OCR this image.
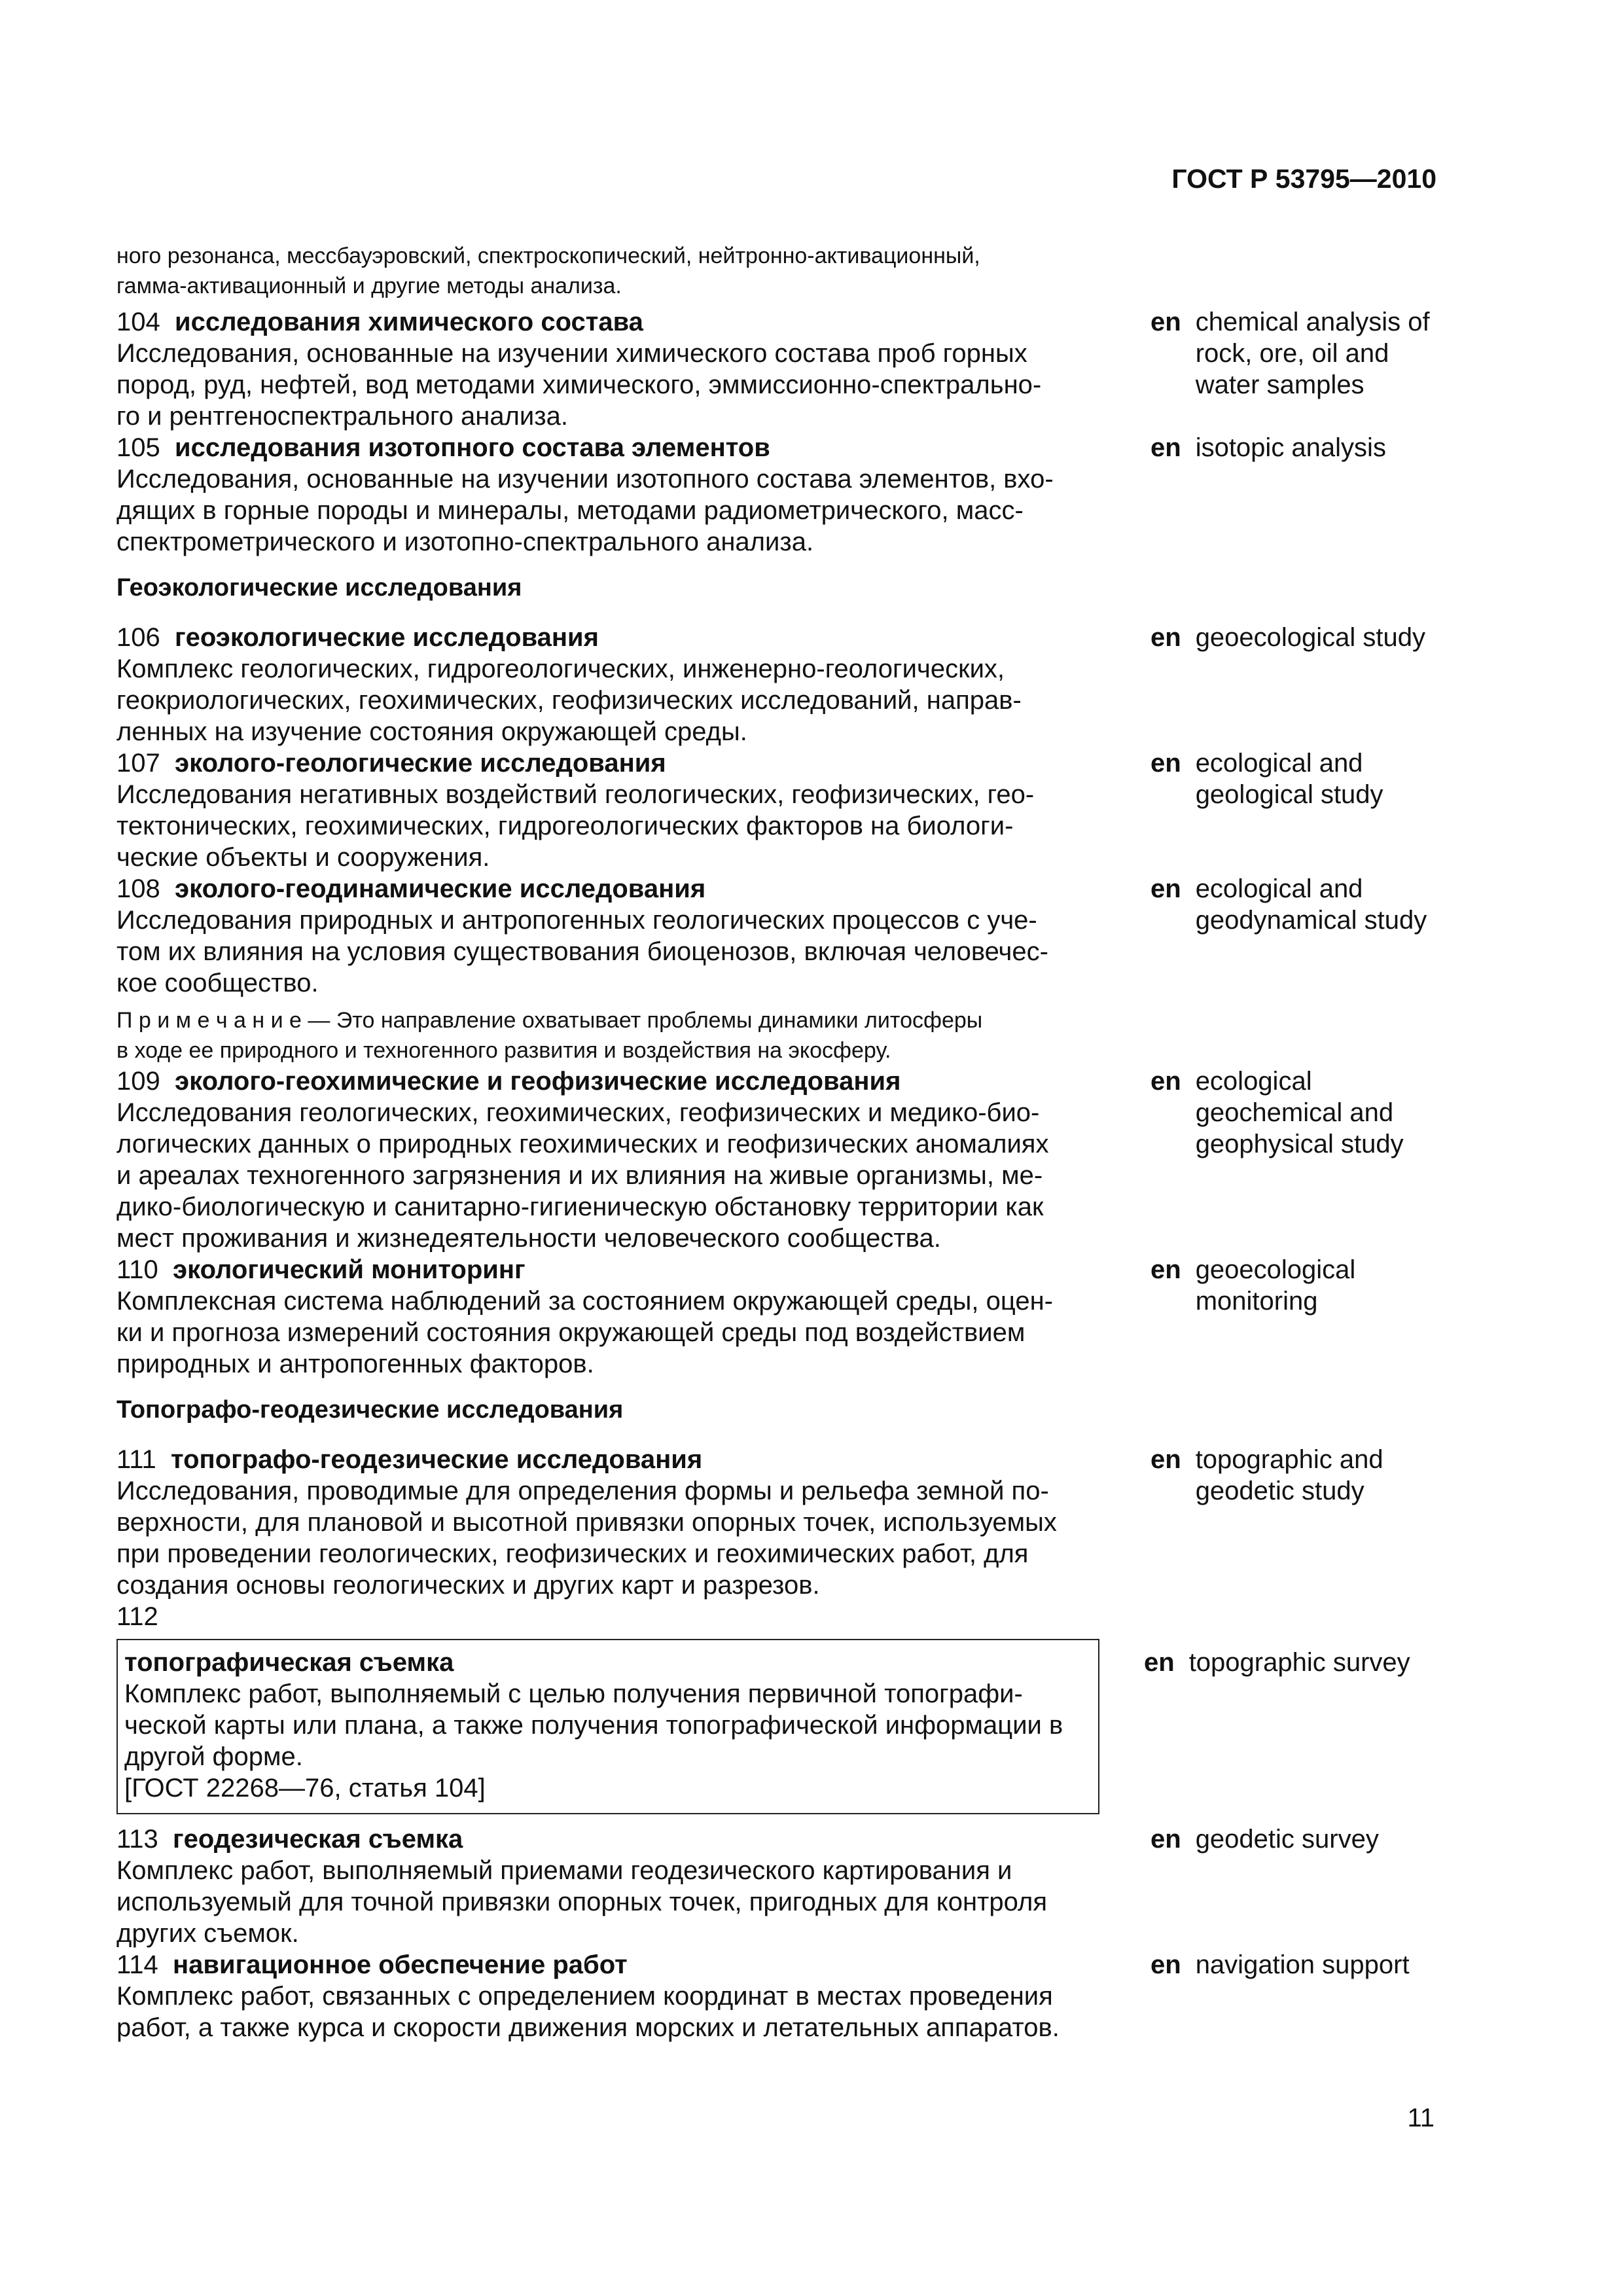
ГОСТ Р 53795—2010
ного резонанса, мессбауэровский, спектроскопический, нейтронно-активационный,
гамма-активационный и другие методы анализа.
104 исследования химического состава
Исследования, основанные на изучении химического состава проб горных
пород, руд, нефтей, вод методами химического, эммиссионно-спектрально-
го и рентгеноспектрального анализа.
en chemical analysis of
rock, ore, oil and
water samples
105 исследования изотопного состава элементов
Исследования, основанные на изучении изотопного состава элементов, вхо-
дящих в горные породы и минералы, методами радиометрического, масс-
спектрометрического и изотопно-спектрального анализа.
en isotopic analysis
Геоэкологические исследования
106 геоэкологические исследования
Комплекс геологических, гидрогеологических, инженерно-геологических,
геокриологических, геохимических, геофизических исследований, направ-
ленных на изучение состояния окружающей среды.
en geoecological study
107 эколого-геологические исследования
Исследования негативных воздействий геологических, геофизических, гео-
тектонических, геохимических, гидрогеологических факторов на биологи-
ческие объекты и сооружения.
en ecological and
geological study
108 эколого-геодинамические исследования
Исследования природных и антропогенных геологических процессов с уче-
том их влияния на условия существования биоценозов, включая человечес-
кое сообщество.
П р и м е ч а н и е — Это направление охватывает проблемы динамики литосферы
в ходе ее природного и техногенного развития и воздействия на экосферу.
en ecological and
geodynamical study
109 эколого-геохимические и геофизические исследования
Исследования геологических, геохимических, геофизических и медико-био-
логических данных о природных геохимических и геофизических аномалиях
и ареалах техногенного загрязнения и их влияния на живые организмы, ме-
дико-биологическую и санитарно-гигиеническую обстановку территории как
мест проживания и жизнедеятельности человеческого сообщества.
en ecological
geochemical and
geophysical study
110 экологический мониторинг
Комплексная система наблюдений за состоянием окружающей среды, оцен-
ки и прогноза измерений состояния окружающей среды под воздействием
природных и антропогенных факторов.
en geoecological
monitoring
Топографо-геодезические исследования
111 топографо-геодезические исследования
Исследования, проводимые для определения формы и рельефа земной по-
верхности, для плановой и высотной привязки опорных точек, используемых
при проведении геологических, геофизических и геохимических работ, для
создания основы геологических и других карт и разрезов.
en topographic and
geodetic study
112
топографическая съемка
Комплекс работ, выполняемый с целью получения первичной топографи-
ческой карты или плана, а также получения топографической информации в
другой форме.
[ГОСТ 22268—76, статья 104]
en topographic survey
113 геодезическая съемка
Комплекс работ, выполняемый приемами геодезического картирования и
используемый для точной привязки опорных точек, пригодных для контроля
других съемок.
en geodetic survey
114 навигационное обеспечение работ
Комплекс работ, связанных с определением координат в местах проведения
работ, а также курса и скорости движения морских и летательных аппаратов.
en navigation support
11
